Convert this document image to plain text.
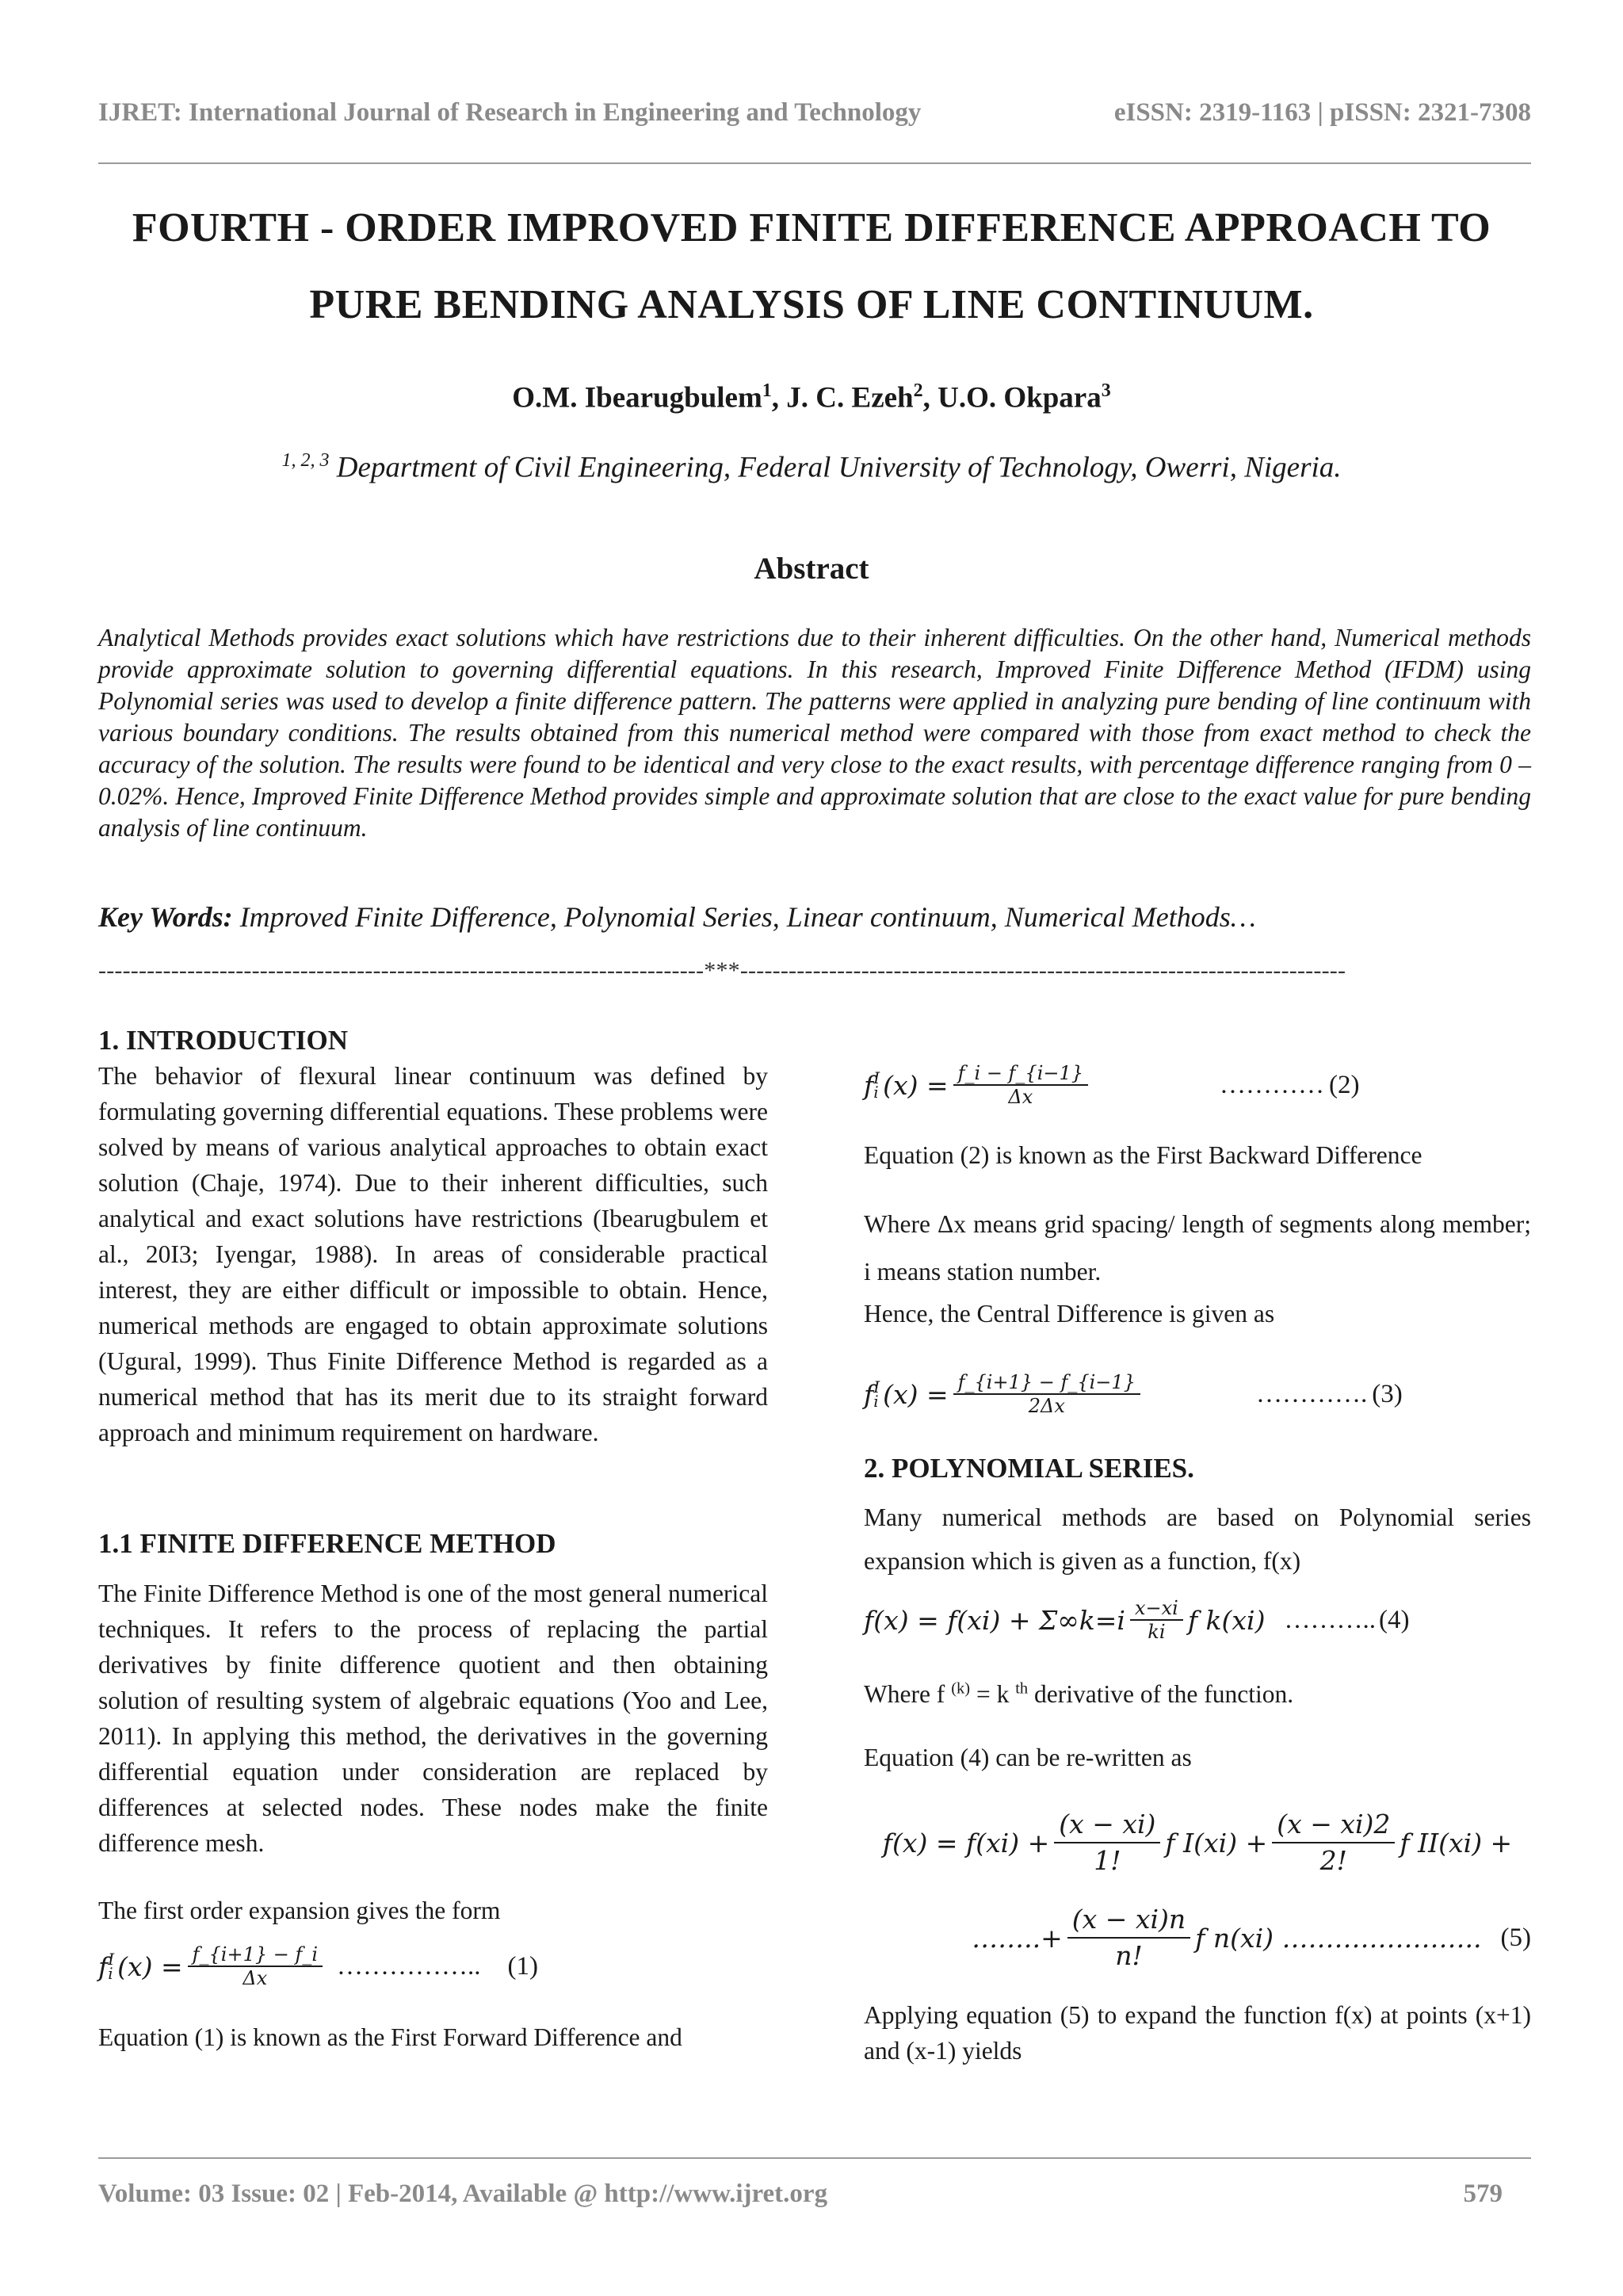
IJRET: International Journal of Research in Engineering and Technology	eISSN: 2319-1163 | pISSN: 2321-7308
FOURTH - ORDER IMPROVED FINITE DIFFERENCE APPROACH TO
PURE BENDING ANALYSIS OF LINE CONTINUUM.
O.M. Ibearugbulem$^1$, J. C. Ezeh$^2$, U.O. Okpara$^3$
$^{1, 2, 3}$ Department of Civil Engineering, Federal University of Technology, Owerri, Nigeria.
Abstract
Analytical Methods provides exact solutions which have restrictions due to their inherent difficulties. On the other hand, Numerical methods provide approximate solution to governing differential equations. In this research, Improved Finite Difference Method (IFDM) using Polynomial series was used to develop a finite difference pattern. The patterns were applied in analyzing pure bending of line continuum with various boundary conditions. The results obtained from this numerical method were compared with those from exact method to check the accuracy of the solution. The results were found to be identical and very close to the exact results, with percentage difference ranging from 0 – 0.02%. Hence, Improved Finite Difference Method provides simple and approximate solution that are close to the exact value for pure bending analysis of line continuum.
Key Words: Improved Finite Difference, Polynomial Series, Linear continuum, Numerical Methods…
---------------------------------------------------------------------------***---------------------------------------------------------------------------
1. INTRODUCTION
The behavior of flexural linear continuum was defined by formulating governing differential equations. These problems were solved by means of various analytical approaches to obtain exact solution (Chaje, 1974). Due to their inherent difficulties, such analytical and exact solutions have restrictions (Ibearugbulem et al., 20I3; Iyengar, 1988). In areas of considerable practical interest, they are either difficult or impossible to obtain. Hence, numerical methods are engaged to obtain approximate solutions (Ugural, 1999). Thus Finite Difference Method is regarded as a numerical method that has its merit due to its straight forward approach and minimum requirement on hardware.
1.1 FINITE DIFFERENCE METHOD
The Finite Difference Method is one of the most general numerical techniques. It refers to the process of replacing the partial derivatives by finite difference quotient and then obtaining solution of resulting system of algebraic equations (Yoo and Lee, 2011). In applying this method, the derivatives in the governing differential equation under consideration are replaced by differences at selected nodes. These nodes make the finite difference mesh.
The first order expansion gives the form
f I
i $(x) = \frac{f\_\{i+1\} - f\_i}{\Delta x}$ …………….. (1)
Equation (1) is known as the First Forward Difference and
f I
i $(x) = \frac{f\_i - f\_\{i-1\}}{\Delta x}$	………… (2)
Equation (2) is known as the First Backward Difference
Where Δx means grid spacing/ length of segments along member; i means station number.
Hence, the Central Difference is given as
f I
i $(x) = \frac{f\_\{i+1\} - f\_\{i-1\}}{2\Delta x}$	…………. (3)
2. POLYNOMIAL SERIES.
Many numerical methods are based on Polynomial series expansion which is given as a function, f(x)
$f(x) = f(xi) + \Sigma\infty k=i \frac{x-xi}{ki}$ f k(xi) ……….. (4)
Where f $^{(k)}$ = k $^{th}$ derivative of the function.
Equation (4) can be re-written as
$f(x) = f(xi) + \frac{(x - xi)}{1!}$ f $I(xi) + \frac{(x - xi)2}{2!}$ f II(xi) +
……..+ $\frac{(x - xi)n}{n!}$ f n(xi) ………………….. (5)
Applying equation (5) to expand the function f(x) at points (x+1) and (x-1) yields
Volume: 03 Issue: 02 | Feb-2014, Available @ http://www.ijret.org	579
